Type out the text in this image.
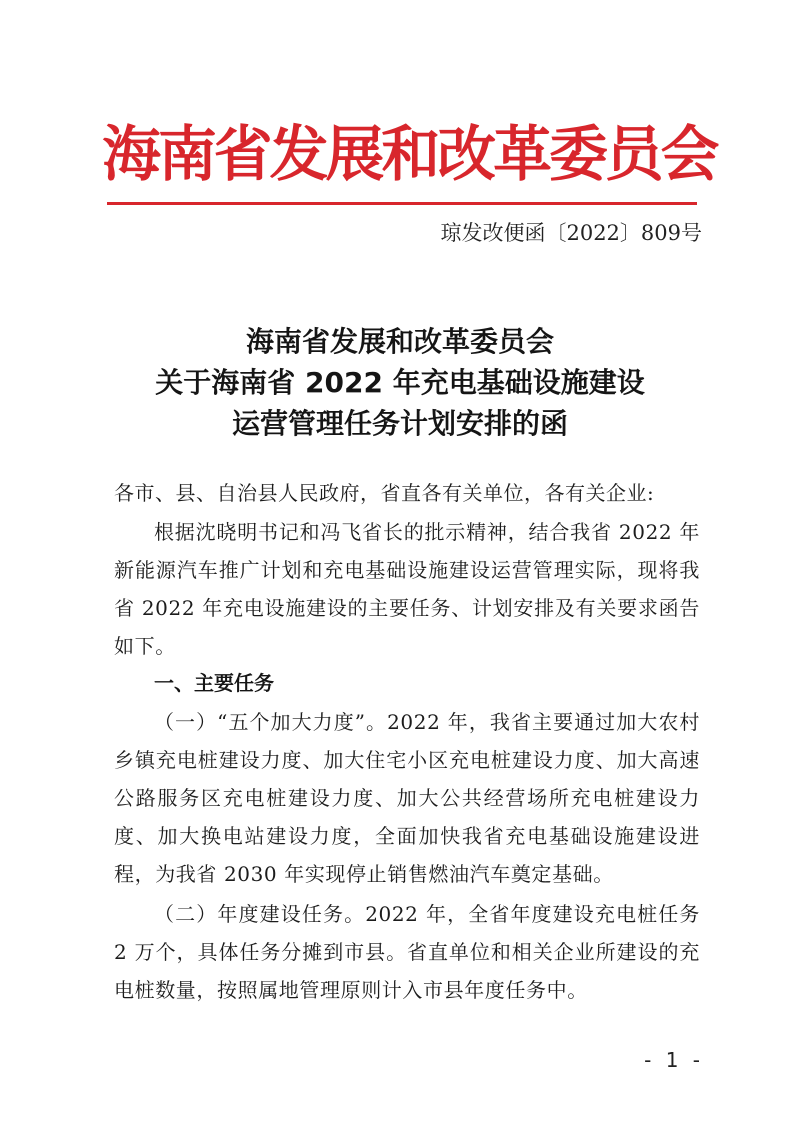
海南省发展和改革委员会
琼发改便函〔2022〕809号
海南省发展和改革委员会
关于海南省 2022 年充电基础设施建设
运营管理任务计划安排的函
各市、县、自治县人民政府，省直各有关单位，各有关企业:
根据沈晓明书记和冯飞省长的批示精神，结合我省 2022 年新能源汽车推广计划和充电基础设施建设运营管理实际，现将我省 2022 年充电设施建设的主要任务、计划安排及有关要求函告如下。
一、主要任务
（一）“五个加大力度”。2022 年，我省主要通过加大农村乡镇充电桩建设力度、加大住宅小区充电桩建设力度、加大高速公路服务区充电桩建设力度、加大公共经营场所充电桩建设力度、加大换电站建设力度，全面加快我省充电基础设施建设进程，为我省 2030 年实现停止销售燃油汽车奠定基础。
（二）年度建设任务。2022 年，全省年度建设充电桩任务 2 万个，具体任务分摊到市县。省直单位和相关企业所建设的充电桩数量，按照属地管理原则计入市县年度任务中。
- 1 -
